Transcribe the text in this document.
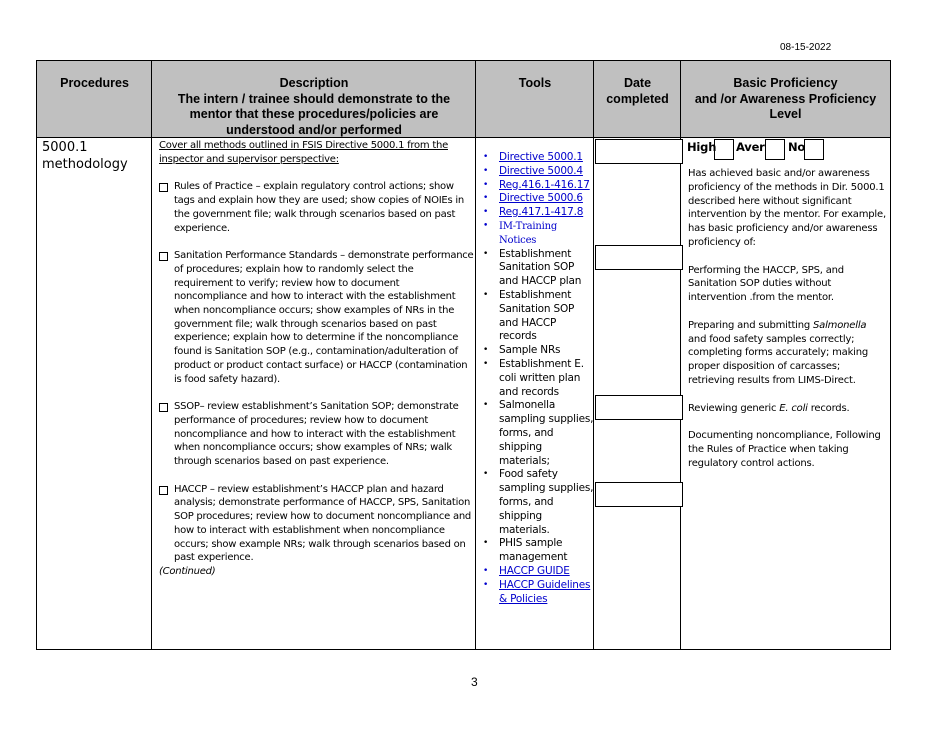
08-15-2022
Procedures	Description
The intern / trainee should demonstrate to the mentor that these procedures/policies are understood and/or performed
Tools	Date
completed
Basic Proficiency
and /or Awareness Proficiency Level
5000.1 methodology
Cover all methods outlined in FSIS Directive 5000.1 from the inspector and supervisor perspective:
Rules of Practice – explain regulatory control actions; show tags and explain how they are used; show copies of NOIEs in the government file; walk through scenarios based on past experience.
Sanitation Performance Standards – demonstrate performance of procedures; explain how to randomly select the requirement to verify; review how to document noncompliance and how to interact with the establishment when noncompliance occurs; show examples of NRs in the government file; walk through scenarios based on past experience; explain how to determine if the noncompliance found is Sanitation SOP (e.g., contamination/adulteration of product or product contact surface) or HACCP (contamination is food safety hazard).
SSOP– review establishment’s Sanitation SOP; demonstrate performance of procedures; review how to document noncompliance and how to interact with the establishment when noncompliance occurs; show examples of NRs; walk through scenarios based on past experience.
HACCP – review establishment’s HACCP plan and hazard analysis; demonstrate performance of HACCP, SPS, Sanitation SOP procedures; review how to document noncompliance and how to interact with establishment when noncompliance occurs; show example NRs; walk through scenarios based on past experience.
(Continued)
• Directive 5000.1
• Directive 5000.4
• Reg.416.1-416.17
• Directive 5000.6
• Reg.417.1-417.8
• IM-Training Notices
• Establishment Sanitation SOP and HACCP plan
• Establishment Sanitation SOP and HACCP records
• Sample NRs
• Establishment E. coli written plan and records
• Salmonella sampling supplies, forms, and shipping materials;
• Food safety sampling supplies, forms, and shipping materials.
• PHIS sample management
• HACCP GUIDE
• HACCP Guidelines & Policies
High Aver No

Has achieved basic and/or awareness proficiency of the methods in Dir. 5000.1 described here without significant intervention by the mentor. For example, has basic proficiency and/or awareness proficiency of:

Performing the HACCP, SPS, and Sanitation SOP duties without intervention .from the mentor.

Preparing and submitting Salmonella and food safety samples correctly; completing forms accurately; making proper disposition of carcasses; retrieving results from LIMS-Direct.

Reviewing generic E. coli records.

Documenting noncompliance, Following the Rules of Practice when taking regulatory control actions.

3
